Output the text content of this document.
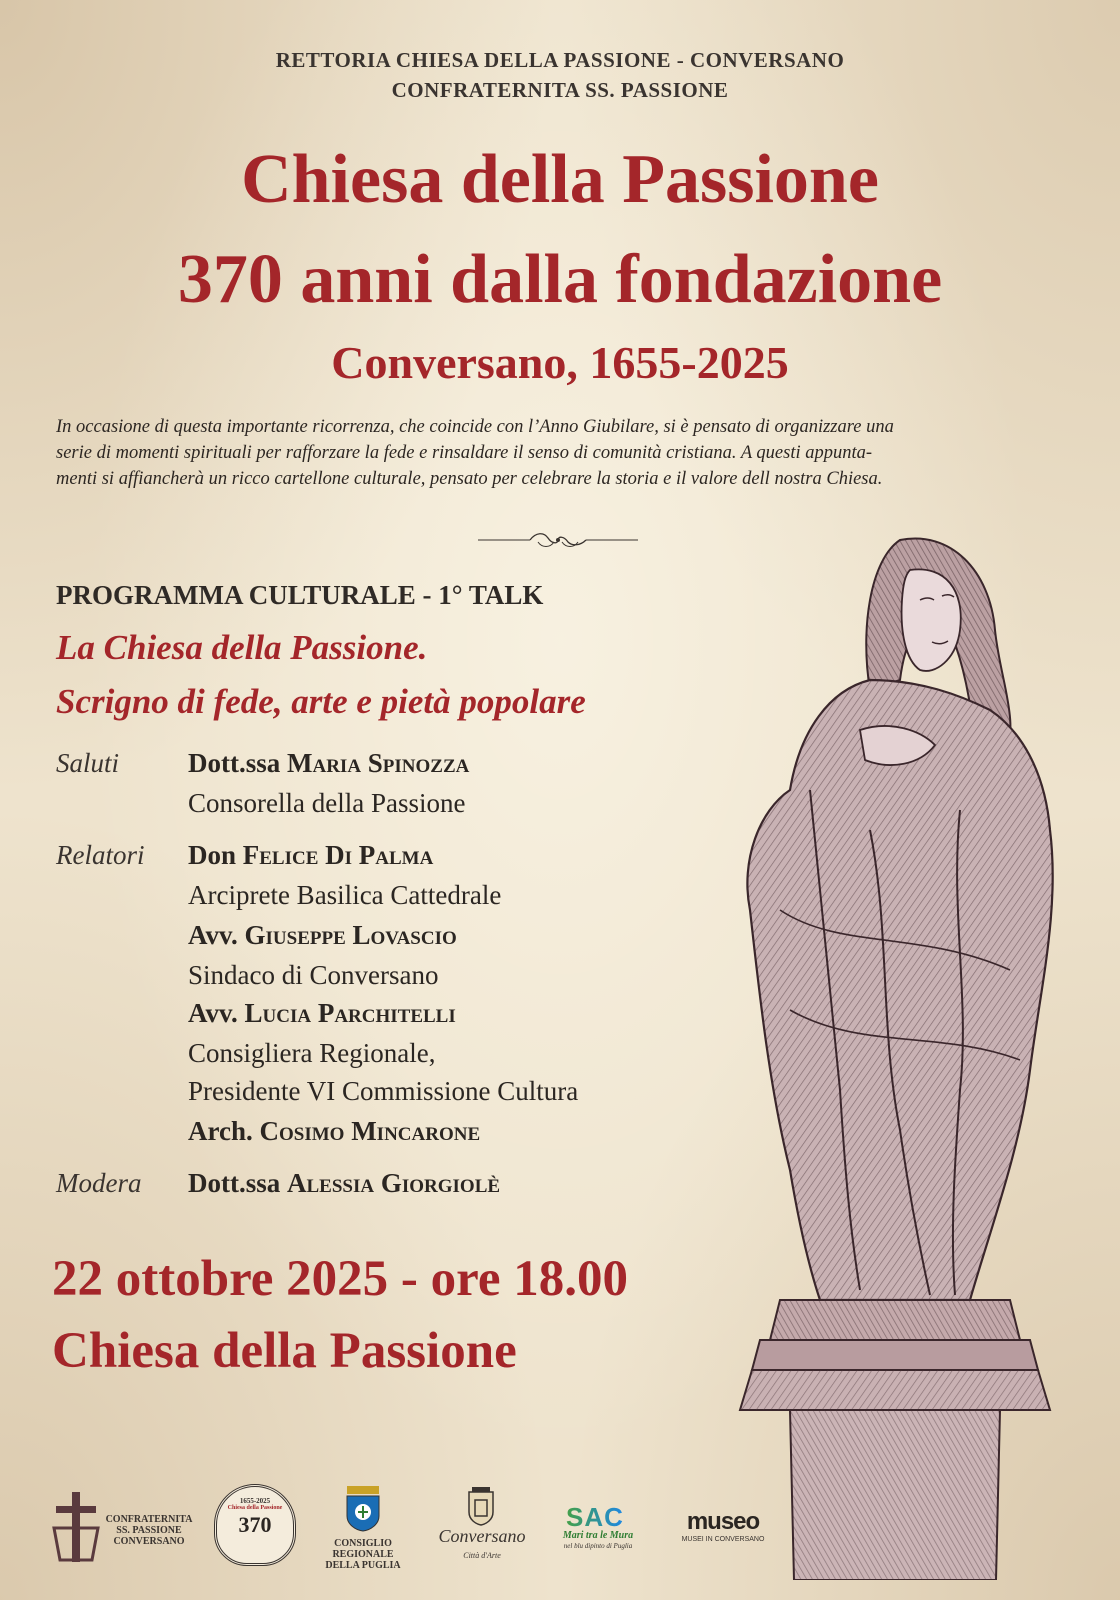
RETTORIA CHIESA DELLA PASSIONE - CONVERSANO
CONFRATERNITA SS. PASSIONE
Chiesa della Passione
370 anni dalla fondazione
Conversano, 1655-2025
In occasione di questa importante ricorrenza, che coincide con l’Anno Giubilare, si è pensato di organizzare una
serie di momenti spirituali per rafforzare la fede e rinsaldare il senso di comunità cristiana. A questi appunta-
menti si affiancherà un ricco cartellone culturale, pensato per celebrare la storia e il valore dell nostra Chiesa.
PROGRAMMA CULTURALE - 1° TALK
La Chiesa della Passione.
Scrigno di fede, arte e pietà popolare
Saluti	Dott.ssa Maria Spinozza
Consorella della Passione
Relatori Don Felice Di Palma
Arciprete Basilica Cattedrale
Avv. Giuseppe Lovascio
Sindaco di Conversano
Avv. Lucia Parchitelli
Consigliera Regionale,
Presidente VI Commissione Cultura
Arch. Cosimo Mincarone
Modera Dott.ssa Alessia Giorgiolè
22 ottobre 2025 - ore 18.00
Chiesa della Passione
CONFRATERNITA
SS. PASSIONE
CONVERSANO
1655-2025
Chiesa della Passione
370
CONSIGLIO REGIONALE
DELLA PUGLIA
Conversano
Città d'Arte
SAC
Mari tra le Mura
nel blu dipinto di Puglia
museo
MUSEI IN CONVERSANO
